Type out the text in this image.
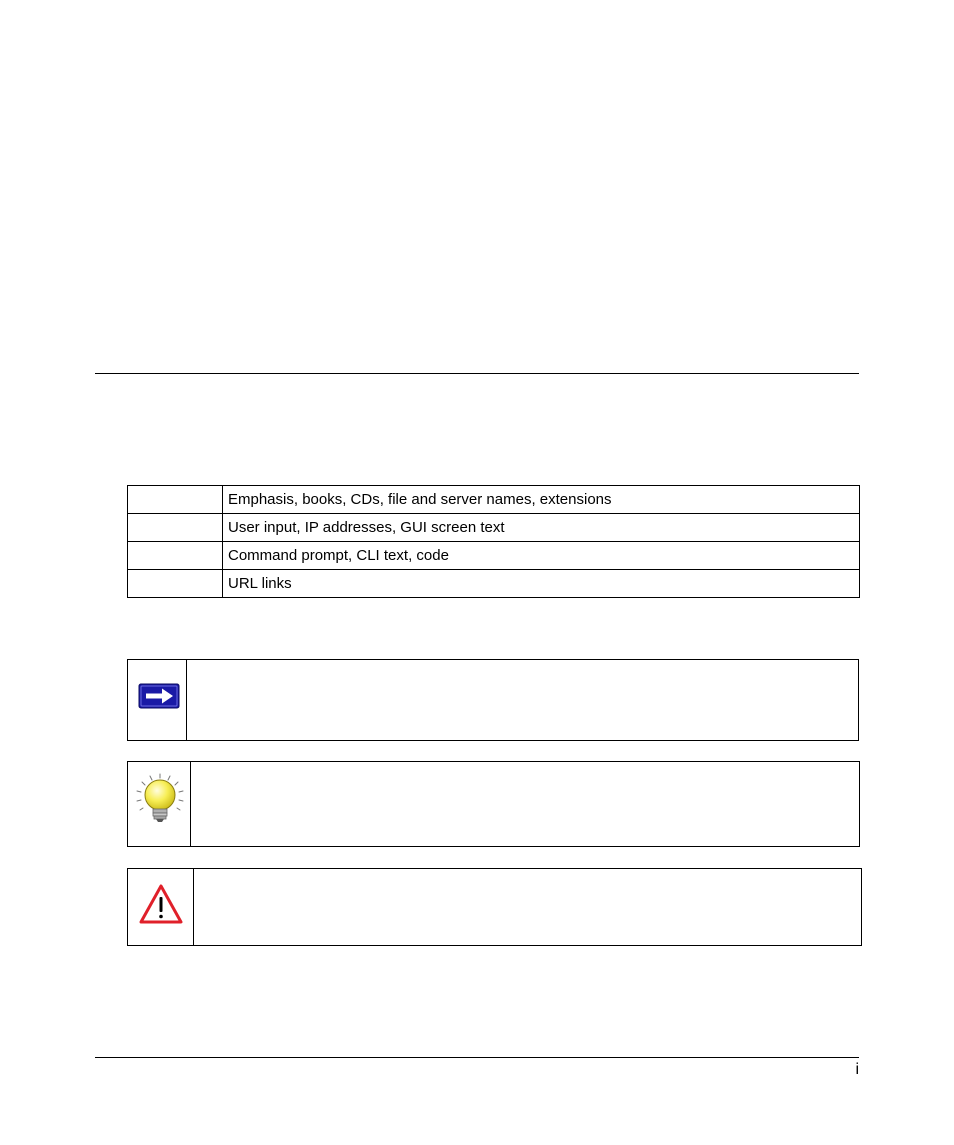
	Emphasis, books, CDs, file and server names, extensions
	User input, IP addresses, GUI screen text
	Command prompt, CLI text, code
	URL links
i
